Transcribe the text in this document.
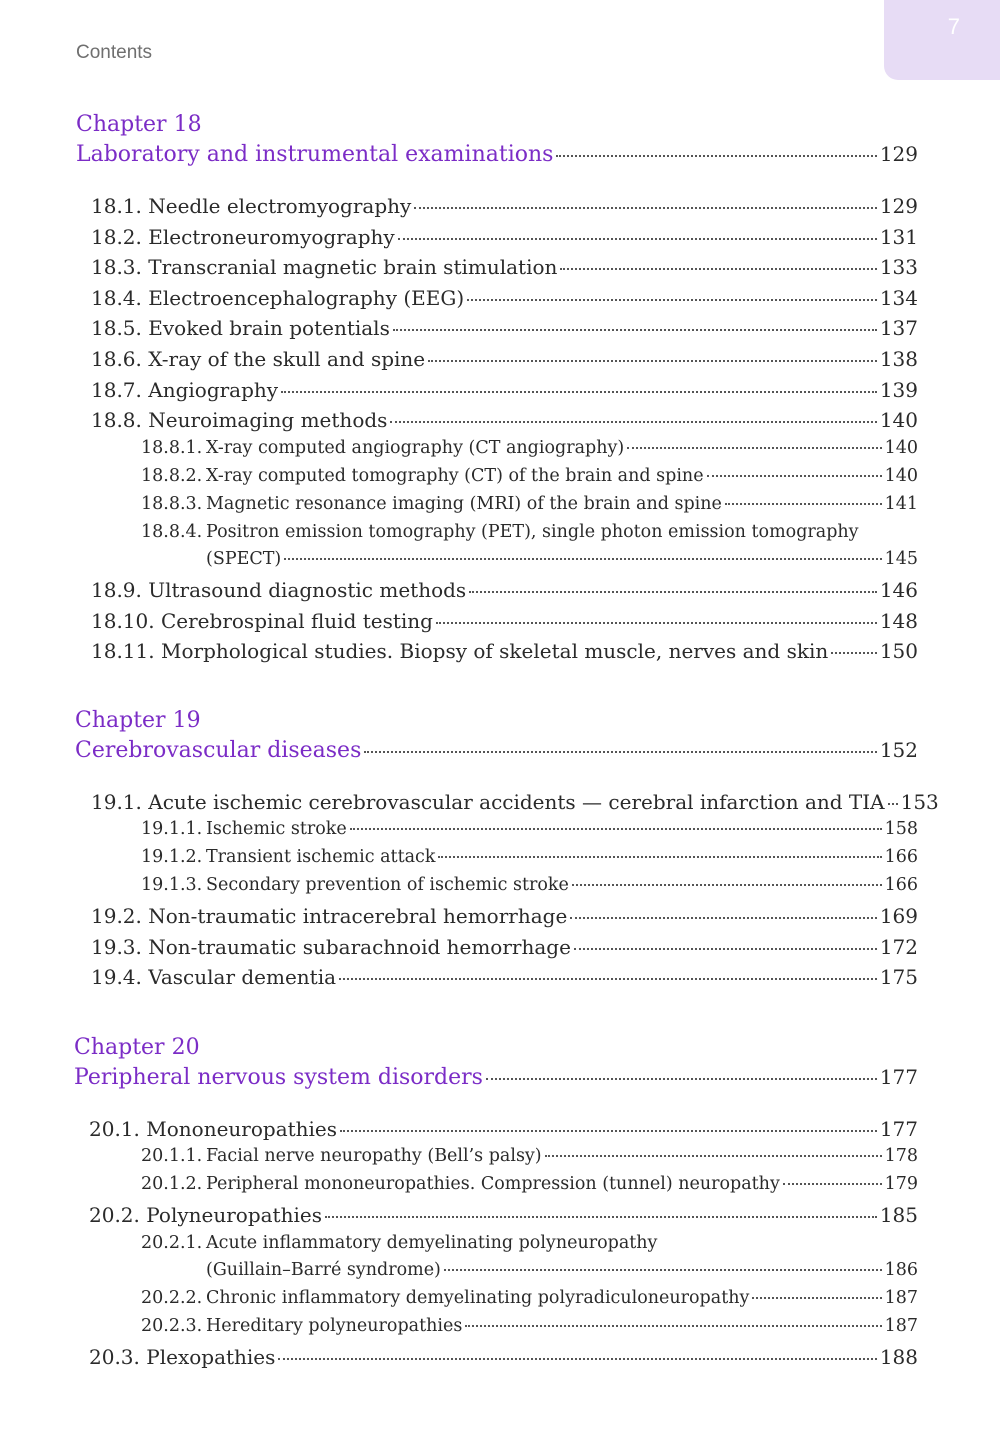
7
Contents
Chapter 18
Laboratory and instrumental examinations	129
18.1. Needle electromyography	129
18.2. Electroneuromyography	131
18.3. Transcranial magnetic brain stimulation	133
18.4. Electroencephalography (EEG)	134
18.5. Evoked brain potentials	137
18.6. X-ray of the skull and spine	138
18.7. Angiography	139
18.8. Neuroimaging methods	140
18.8.1. X-ray computed angiography (CT angiography)	140
18.8.2. X-ray computed tomography (CT) of the brain and spine	140
18.8.3. Magnetic resonance imaging (MRI) of the brain and spine	141
18.8.4. Positron emission tomography (PET), single photon emission tomography
(SPECT)	145
18.9. Ultrasound diagnostic methods	146
18.10. Cerebrospinal fluid testing	148
18.11. Morphological studies. Biopsy of skeletal muscle, nerves and skin	150
Chapter 19
Cerebrovascular diseases	152
19.1. Acute ischemic cerebrovascular accidents — cerebral infarction and TIA 153
19.1.1. Ischemic stroke	158
19.1.2. Transient ischemic attack	166
19.1.3. Secondary prevention of ischemic stroke	166
19.2. Non-traumatic intracerebral hemorrhage	169
19.3. Non-traumatic subarachnoid hemorrhage	172
19.4. Vascular dementia	175
Chapter 20
Peripheral nervous system disorders	177
20.1. Mononeuropathies	177
20.1.1. Facial nerve neuropathy (Bell’s palsy)	178
20.1.2. Peripheral mononeuropathies. Compression (tunnel) neuropathy	179
20.2. Polyneuropathies	185
20.2.1. Acute inflammatory demyelinating polyneuropathy
(Guillain–Barré syndrome)	186
20.2.2. Chronic inflammatory demyelinating polyradiculoneuropathy	187
20.2.3. Hereditary polyneuropathies	187
20.3. Plexopathies	188
